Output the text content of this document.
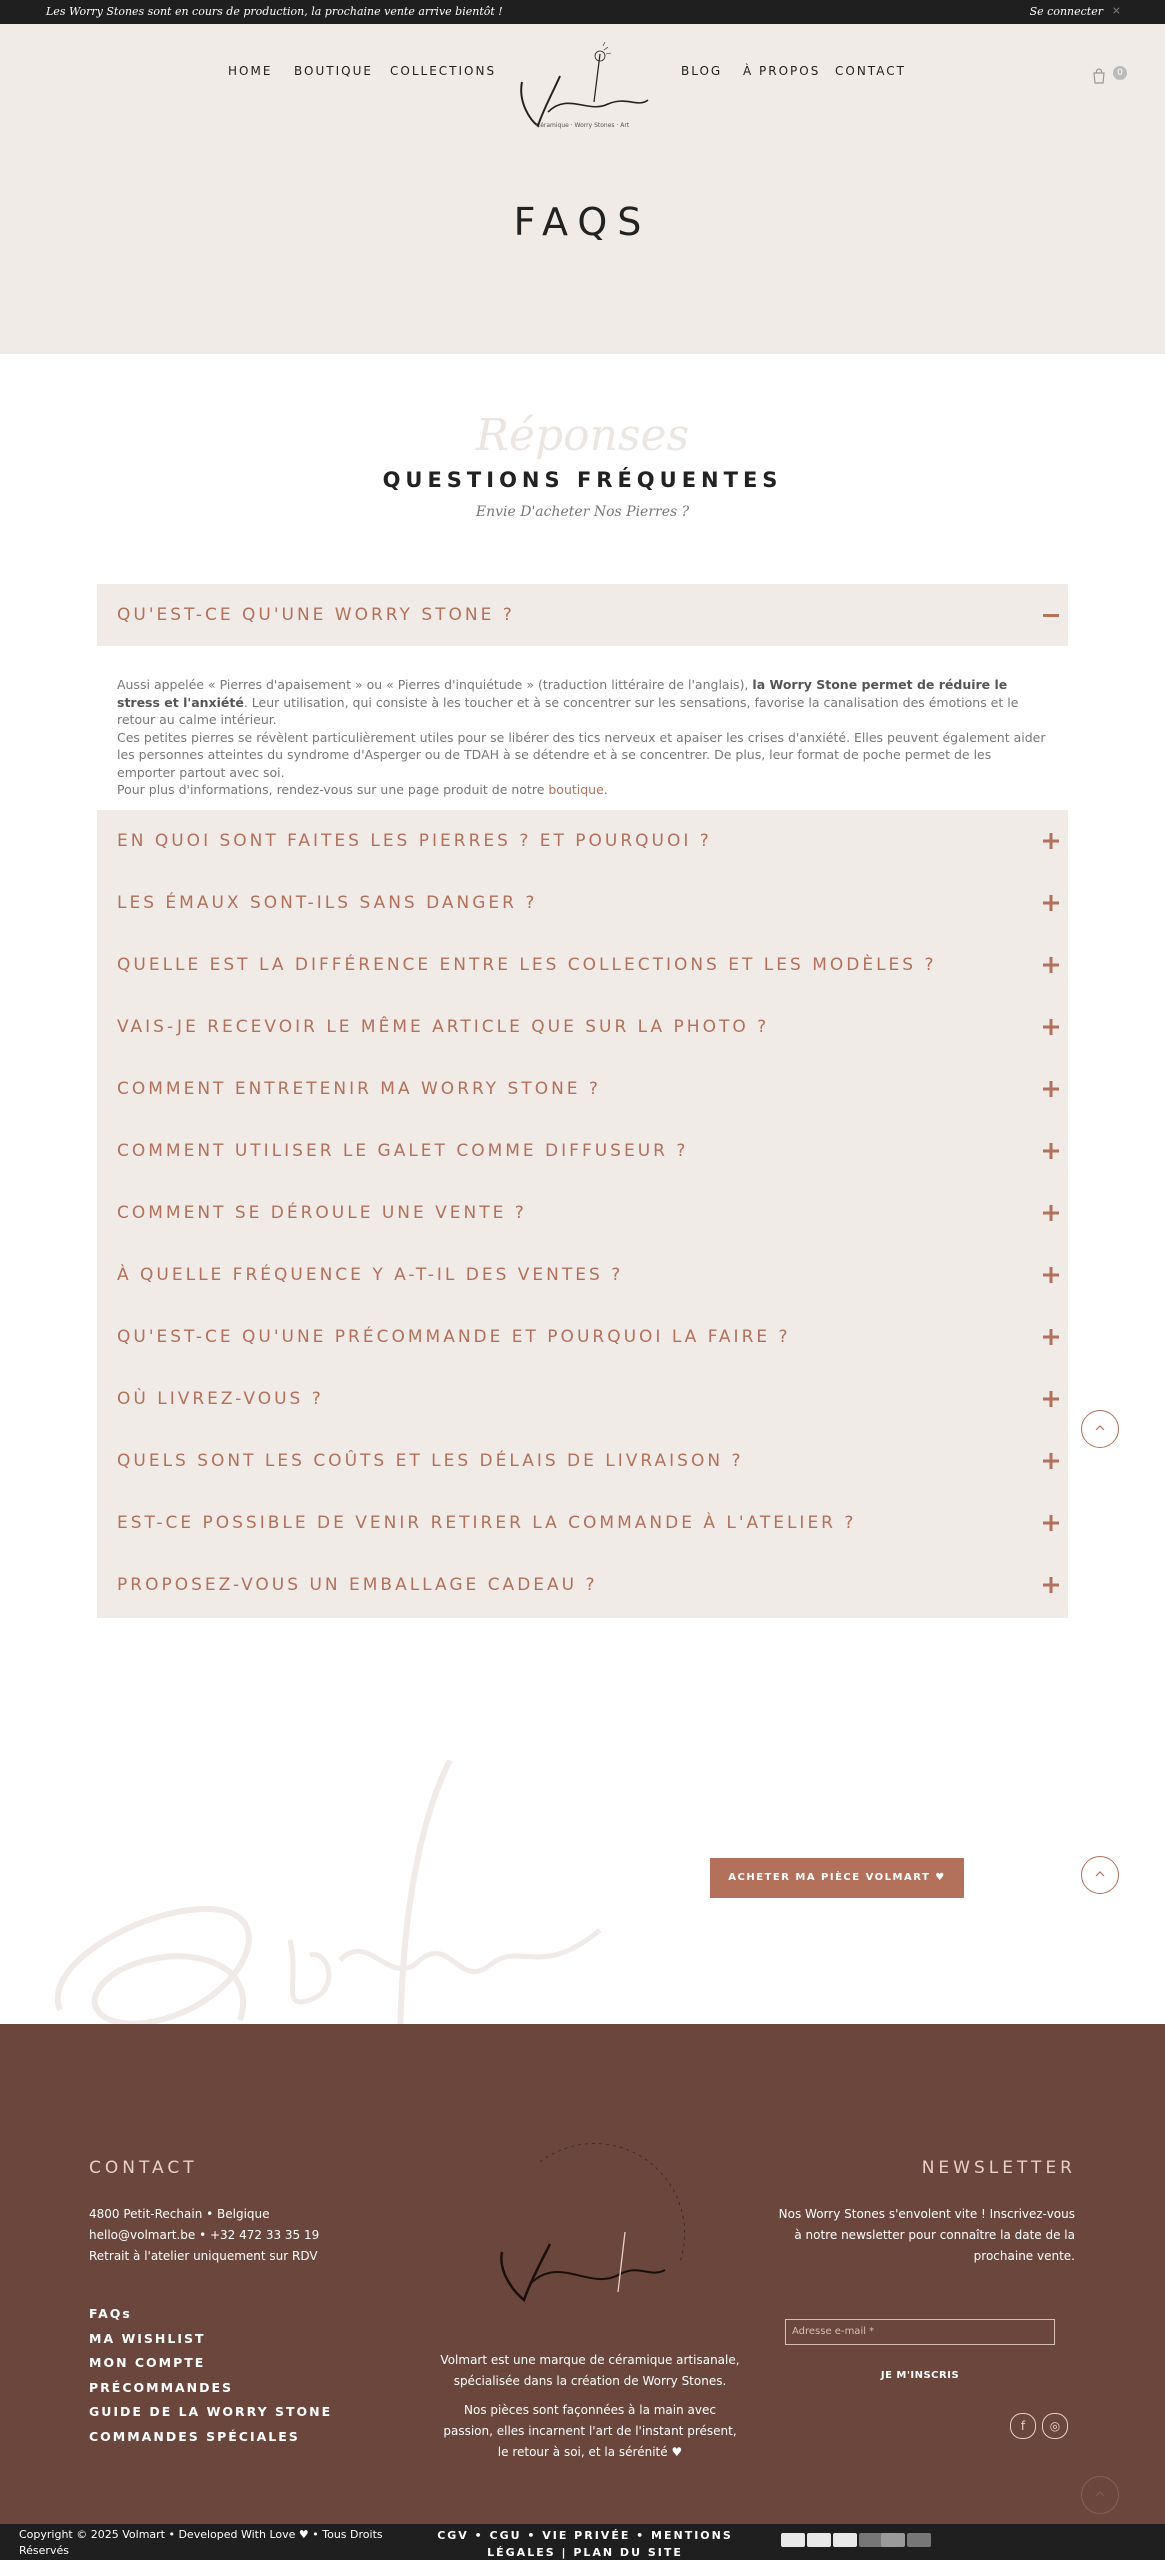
Les Worry Stones sont en cours de production, la prochaine vente arrive bientôt !	Se connecter ×
HOME BOUTIQUE COLLECTIONS	BLOG À PROPOS CONTACT
Céramique · Worry Stones · Art
0
FAQS
Réponses
QUESTIONS FRÉQUENTES
Envie D'acheter Nos Pierres ?
QU'EST-CE QU'UNE WORRY STONE ?

Aussi appelée « Pierres d'apaisement » ou « Pierres d'inquiétude » (traduction littéraire de l'anglais), la Worry Stone permet de réduire le stress et l'anxiété. Leur utilisation, qui consiste à les toucher et à se concentrer sur les sensations, favorise la canalisation des émotions et le retour au calme intérieur.

Ces petites pierres se révèlent particulièrement utiles pour se libérer des tics nerveux et apaiser les crises d'anxiété. Elles peuvent également aider les personnes atteintes du syndrome d'Asperger ou de TDAH à se détendre et à se concentrer. De plus, leur format de poche permet de les emporter partout avec soi.

Pour plus d'informations, rendez-vous sur une page produit de notre boutique.

EN QUOI SONT FAITES LES PIERRES ? ET POURQUOI ?
LES ÉMAUX SONT-ILS SANS DANGER ?
QUELLE EST LA DIFFÉRENCE ENTRE LES COLLECTIONS ET LES MODÈLES ?
VAIS-JE RECEVOIR LE MÊME ARTICLE QUE SUR LA PHOTO ?
COMMENT ENTRETENIR MA WORRY STONE ?
COMMENT UTILISER LE GALET COMME DIFFUSEUR ?
COMMENT SE DÉROULE UNE VENTE ?
À QUELLE FRÉQUENCE Y A-T-IL DES VENTES ?
QU'EST-CE QU'UNE PRÉCOMMANDE ET POURQUOI LA FAIRE ?
OÙ LIVREZ-VOUS ?
QUELS SONT LES COÛTS ET LES DÉLAIS DE LIVRAISON ?
EST-CE POSSIBLE DE VENIR RETIRER LA COMMANDE À L'ATELIER ?
PROPOSEZ-VOUS UN EMBALLAGE CADEAU ?
ACHETER MA PIÈCE VOLMART ♥
CONTACT
4800 Petit-Rechain • Belgique
hello@volmart.be • +32 472 33 35 19
Retrait à l'atelier uniquement sur RDV
FAQs
MA WISHLIST
MON COMPTE
PRÉCOMMANDES
GUIDE DE LA WORRY STONE
COMMANDES SPÉCIALES

Volmart est une marque de céramique artisanale, spécialisée dans la création de Worry Stones.

Nos pièces sont façonnées à la main avec passion, elles incarnent l'art de l'instant présent, le retour à soi, et la sérénité ♥

NEWSLETTER
Nos Worry Stones s'envolent vite ! Inscrivez-vous à notre newsletter pour connaître la date de la prochaine vente.
Adresse e-mail *
JE M'INSCRIS
f	◎
Copyright © 2025 Volmart • Developed With Love ♥ • Tous Droits Réservés
CGV • CGU • VIE PRIVÉE • MENTIONS LÉGALES | PLAN DU SITE
